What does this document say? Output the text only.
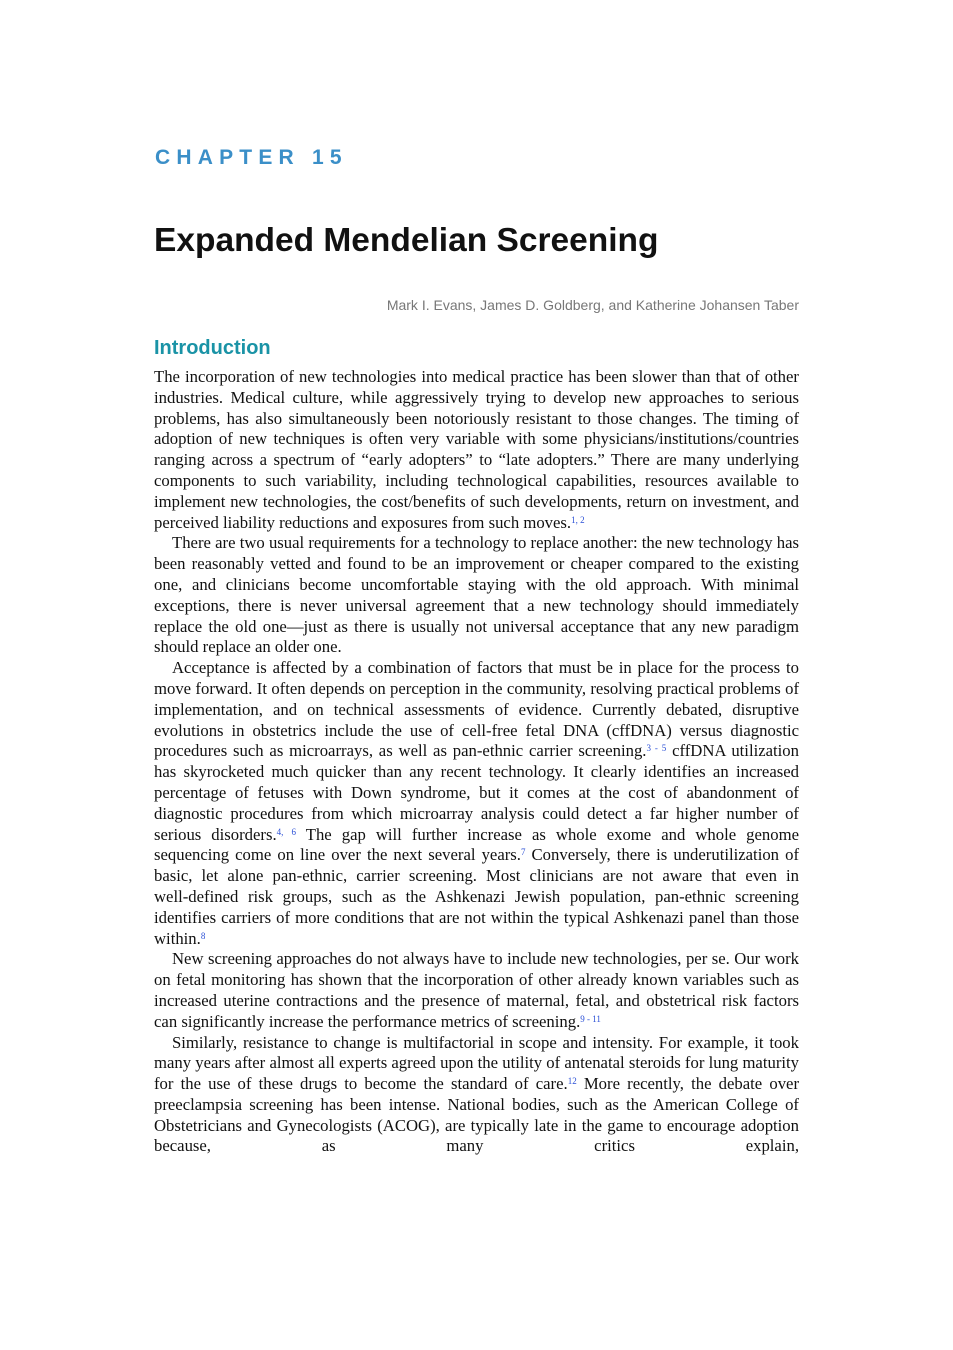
CHAPTER 15
Expanded Mendelian Screening

Mark I. Evans, James D. Goldberg, and Katherine Johansen Taber

Introduction

The incorporation of new technologies into medical practice has been slower than that of other industries. Medical culture, while aggressively trying to develop new approaches to serious problems, has also simultaneously been notoriously resistant to those changes. The timing of adoption of new techniques is often very variable with some physicians/institutions/countries ranging across a spectrum of “early adopters” to “late adopters.” There are many underlying components to such variability, including technological capabilities, resources available to implement new technologies, the cost/benefits of such developments, return on investment, and perceived liability reductions and exposures from such moves.$^{1, 2}$

There are two usual requirements for a technology to replace another: the new technology has been reasonably vetted and found to be an improvement or cheaper compared to the existing one, and clinicians become uncomfortable staying with the old approach. With minimal exceptions, there is never universal agreement that a new technology should immediately replace the old one—just as there is usually not universal acceptance that any new paradigm should replace an older one.

Acceptance is affected by a combination of factors that must be in place for the process to move forward. It often depends on perception in the community, resolving practical problems of implementation, and on technical assessments of evidence. Currently debated, disruptive evolutions in obstetrics include the use of cell-free fetal DNA (cffDNA) versus diagnostic procedures such as microarrays, as well as pan-ethnic carrier screening.$^{3 - 5}$ cffDNA utilization has skyrocketed much quicker than any recent technology. It clearly identifies an increased percentage of fetuses with Down syndrome, but it comes at the cost of abandonment of diagnostic procedures from which microarray analysis could detect a far higher number of serious disorders.$^{4, 6}$ The gap will further increase as whole exome and whole genome sequencing come on line over the next several years.$^7$ Conversely, there is underutilization of basic, let alone pan-ethnic, carrier screening. Most clinicians are not aware that even in well-defined risk groups, such as the Ashkenazi Jewish population, pan-ethnic screening identifies carriers of more conditions that are not within the typical Ashkenazi panel than those within.$^8$

New screening approaches do not always have to include new technologies, per se. Our work on fetal monitoring has shown that the incorporation of other already known variables such as increased uterine contractions and the presence of maternal, fetal, and obstetrical risk factors can significantly increase the performance metrics of screening.$^{9 - 11}$

Similarly, resistance to change is multifactorial in scope and intensity. For example, it took many years after almost all experts agreed upon the utility of antenatal steroids for lung maturity for the use of these drugs to become the standard of care.$^{12}$ More recently, the debate over preeclampsia screening has been intense. National bodies, such as the American College of Obstetricians and Gynecologists (ACOG), are typically late in the game to encourage adoption because, as many critics explain,
